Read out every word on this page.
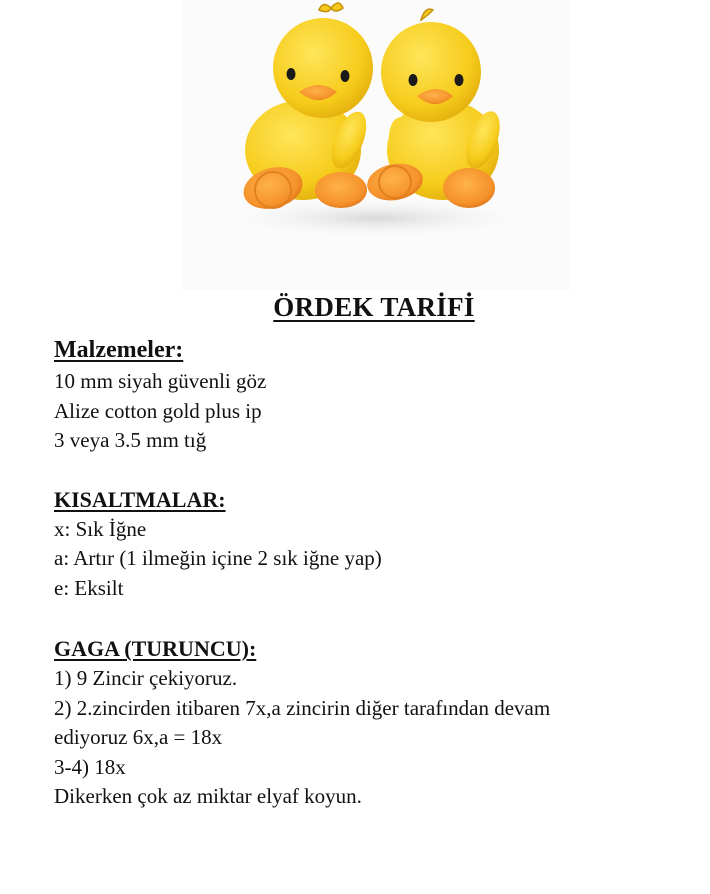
ÖRDEK TARİFİ

Malzemeler:

10 mm siyah güvenli göz

Alize cotton gold plus ip

3 veya 3.5 mm tığ

KISALTMALAR:

x: Sık İğne

a: Artır (1 ilmeğin içine 2 sık iğne yap)

e: Eksilt

GAGA (TURUNCU):

1) 9 Zincir çekiyoruz.

2) 2.zincirden itibaren 7x,a zincirin diğer tarafından devam

ediyoruz 6x,a = 18x

3-4) 18x

Dikerken çok az miktar elyaf koyun.
